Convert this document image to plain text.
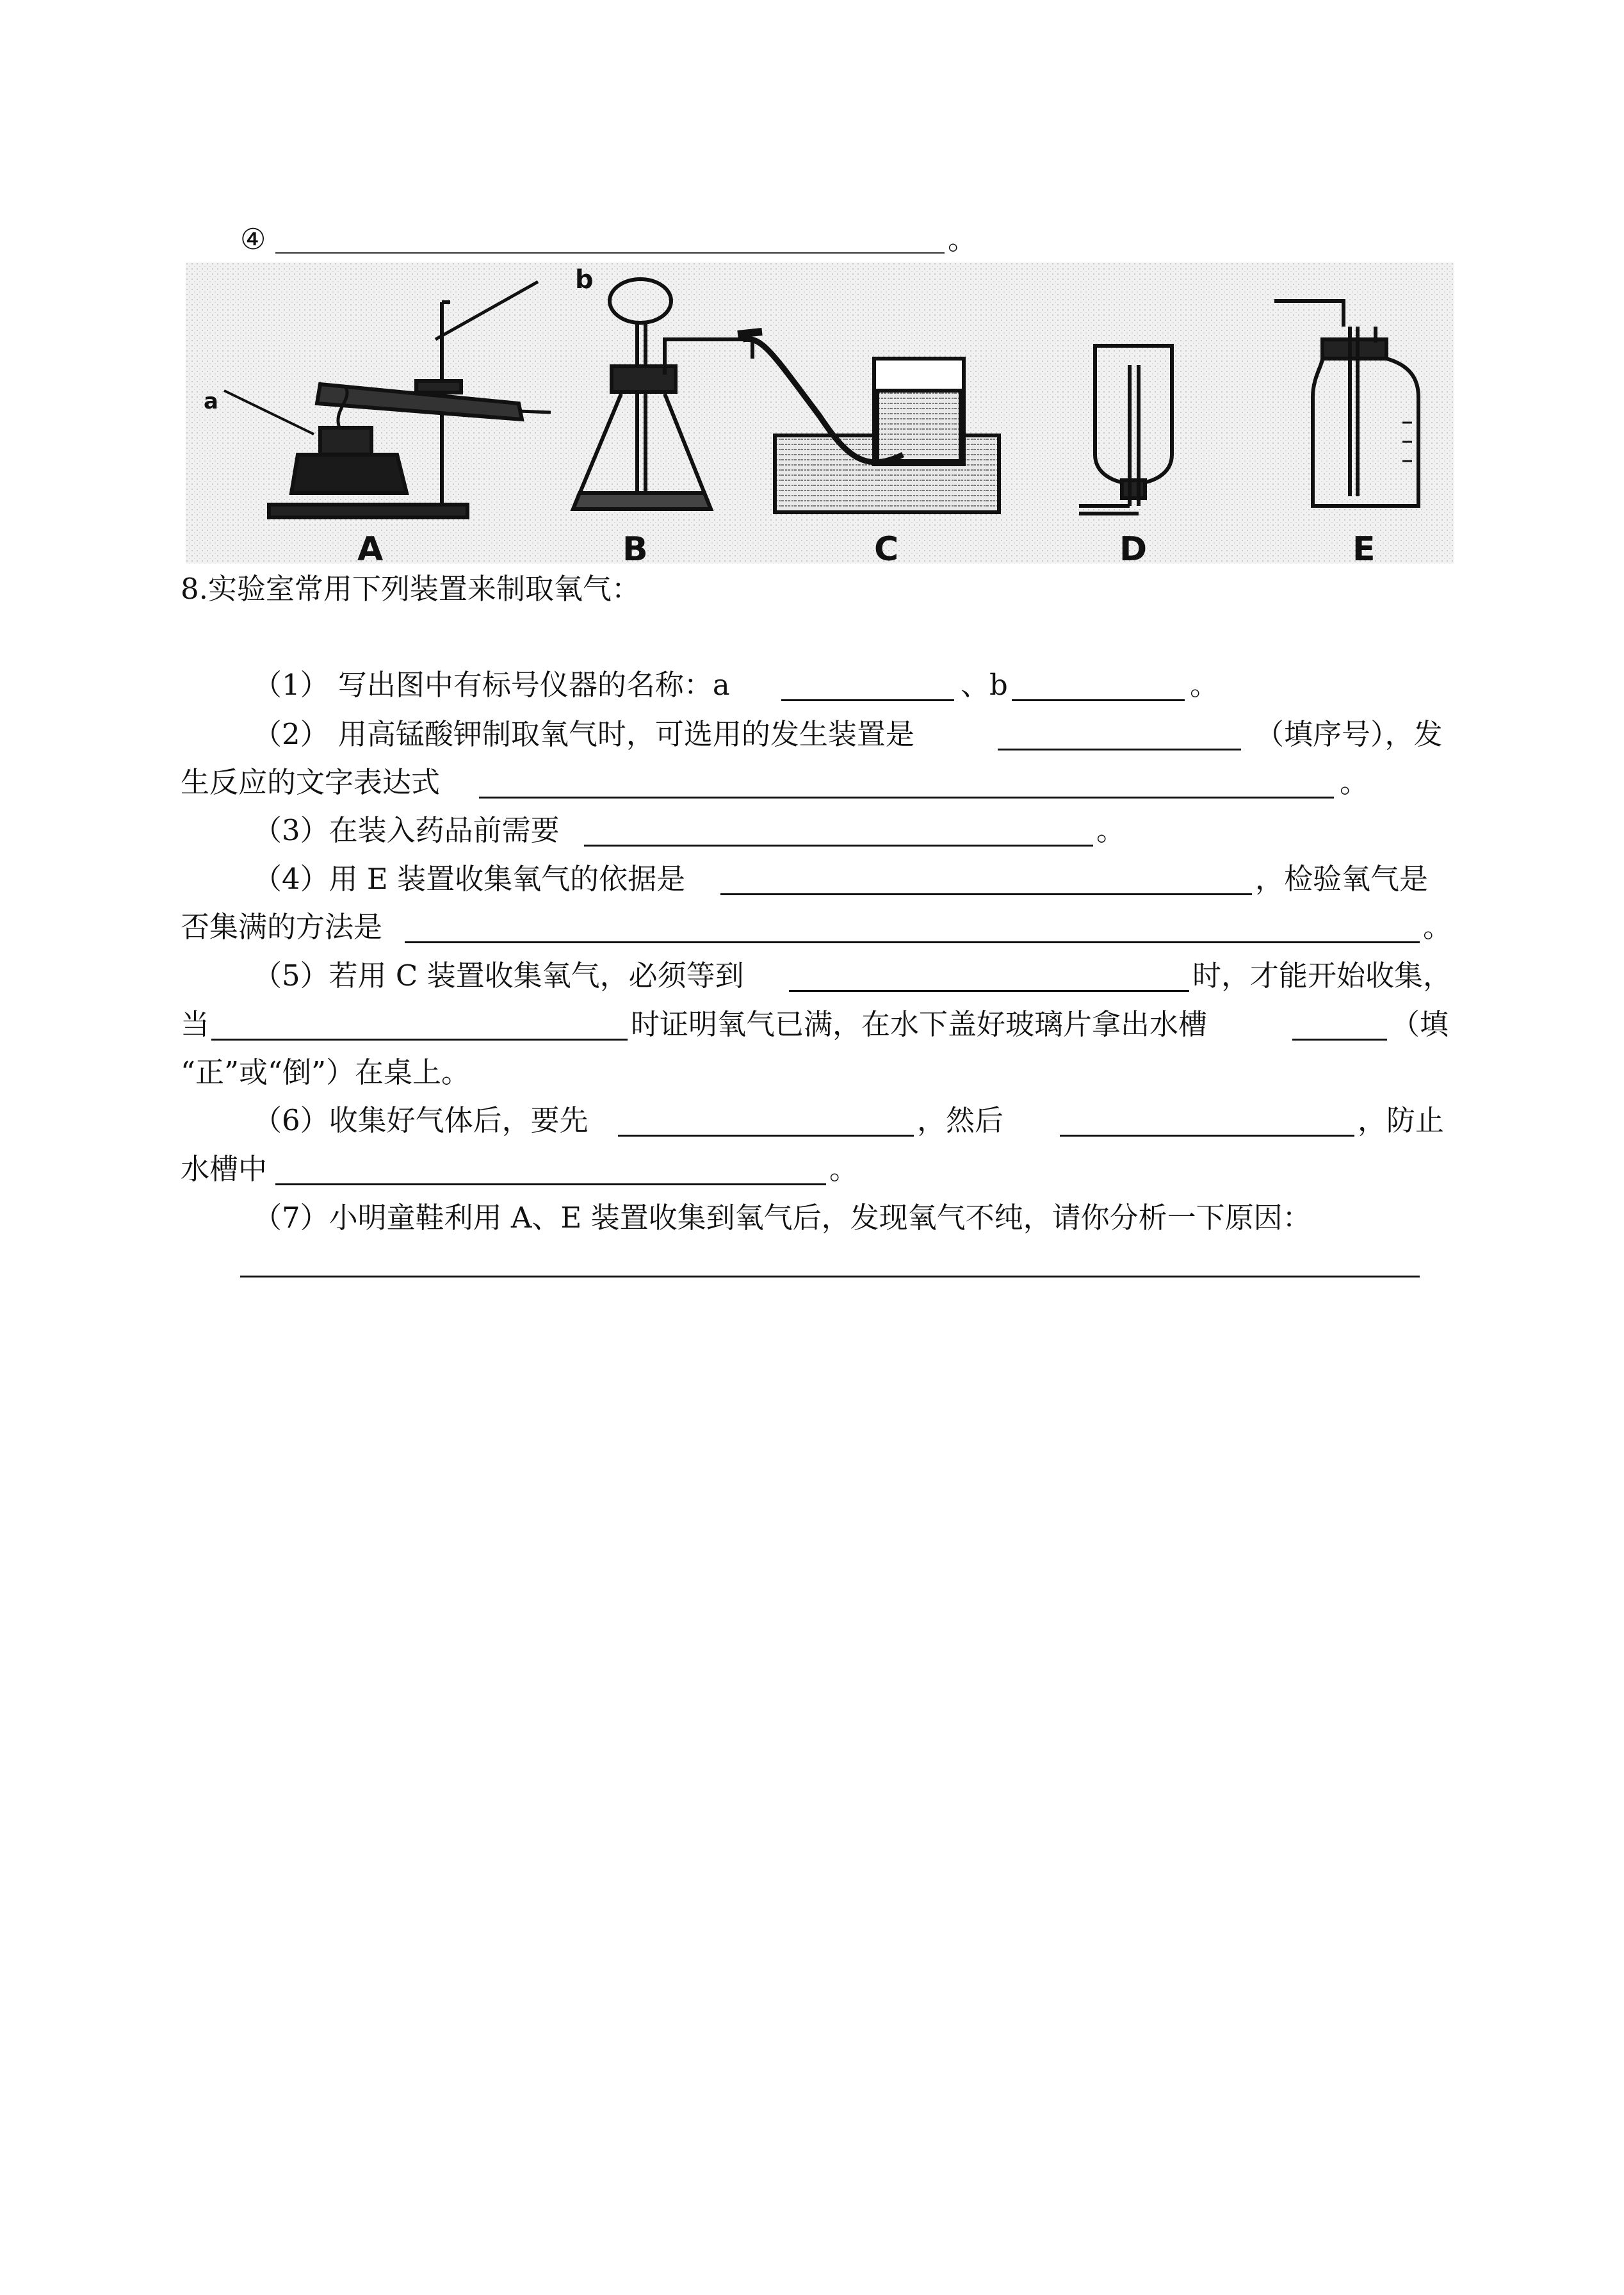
④	。
a
A
b
B	C	D	E
8.实验室常用下列装置来制取氧气：
（1） 写出图中有标号仪器的名称：a	、b	。
（2） 用高锰酸钾制取氧气时，可选用的发生装置是	（填序号），发
生反应的文字表达式	。
（3）在装入药品前需要	。
（4）用 E 装置收集氧气的依据是	，检验氧气是
否集满的方法是	。
（5）若用 C 装置收集氧气，必须等到	时，才能开始收集，
当	时证明氧气已满，在水下盖好玻璃片拿出水槽	（填
“正”或“倒”）在桌上。
（6）收集好气体后，要先	，然后	，防止
水槽中	。
（7）小明童鞋利用 A、E 装置收集到氧气后，发现氧气不纯，请你分析一下原因：
